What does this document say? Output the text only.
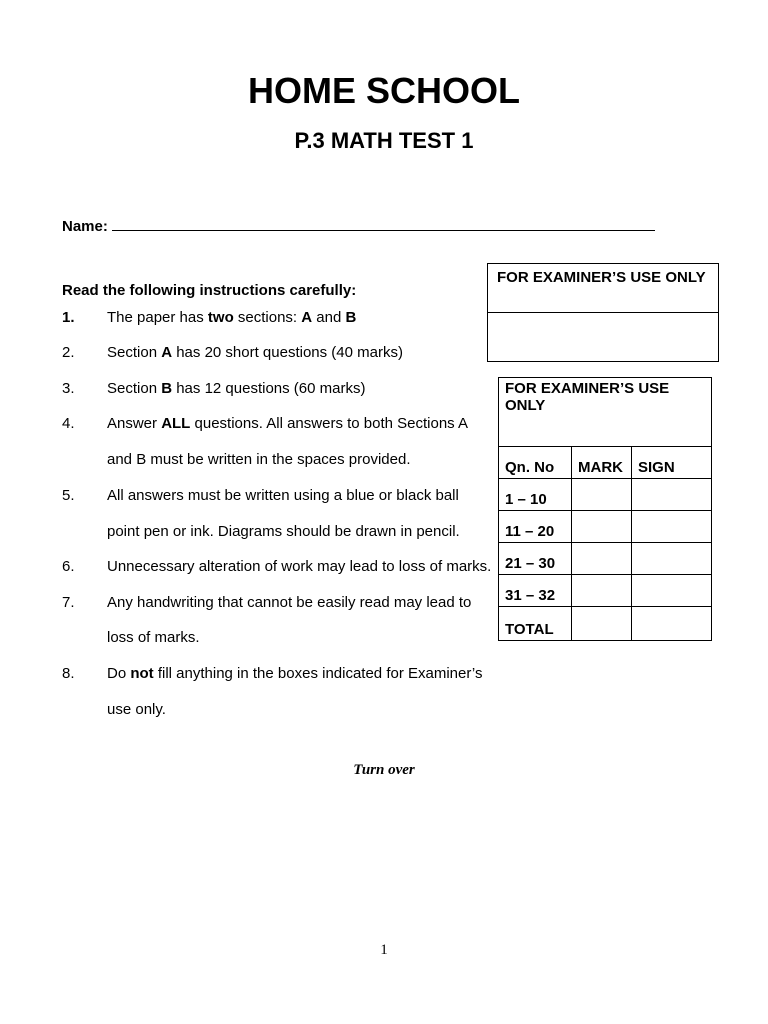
HOME SCHOOL
P.3 MATH TEST 1
Name:
Read the following instructions carefully:
1. The paper has two sections: A and B
2. Section A has 20 short questions (40 marks)
3. Section B has 12 questions (60 marks)
4. Answer ALL questions. All answers to both Sections A
and B must be written in the spaces provided.
5. All answers must be written using a blue or black ball
point pen or ink. Diagrams should be drawn in pencil.
6. Unnecessary alteration of work may lead to loss of marks.
7. Any handwriting that cannot be easily read may lead to
loss of marks.
8. Do not fill anything in the boxes indicated for Examiner’s
use only.
FOR EXAMINER’S USE ONLY
FOR EXAMINER’S USE ONLY		
Qn. No	MARK	SIGN
1 – 10		
11 – 20		
21 – 30		
31 – 32		
TOTAL		
Turn over
1
